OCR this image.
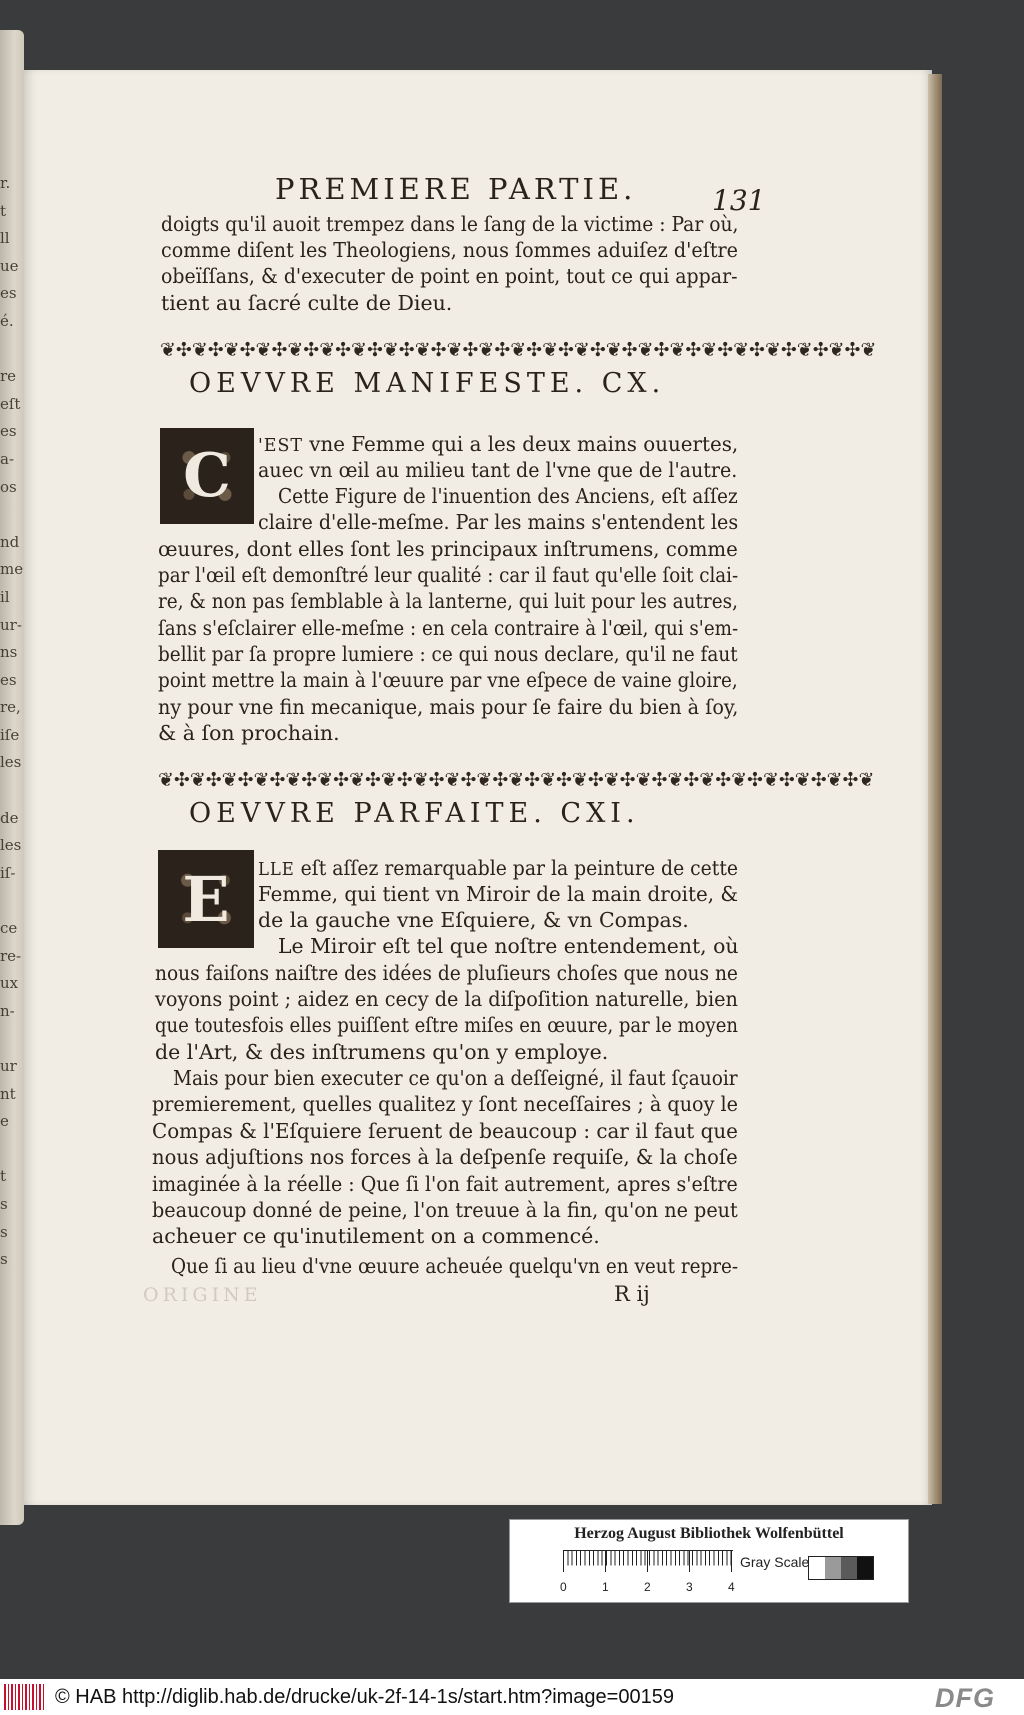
r.
t
ll
ue
es
é.
re
eſt
es
a-
os
nd
me
il
ur-
ns
es
re,
iſe
les
de
les
iſ-
ce
re-
ux
n-
ur
nt
e
t
s
s
s
PREMIERE PARTIE.	131
doigts qu'il auoit trempez dans le ſang de la victime : Par où,
comme diſent les Theologiens, nous ſommes aduiſez d'eſtre
obeïſſans, & d'executer de point en point, tout ce qui appar-
tient au ſacré culte de Dieu.
❦✣❦✣❦✣❦✣❦✣❦✣❦✣❦✣❦✣❦✣❦✣❦✣❦✣❦✣❦✣❦✣❦✣❦✣❦✣❦✣❦✣❦✣❦
OEVVRE MANIFESTE. CX.
C	'EST vne Femme qui a les deux mains ouuertes,
auec vn œil au milieu tant de l'vne que de l'autre.
Cette Figure de l'inuention des Anciens, eſt aſſez
claire d'elle-meſme. Par les mains s'entendent les
œuures, dont elles ſont les principaux inſtrumens, comme
par l'œil eſt demonſtré leur qualité : car il faut qu'elle ſoit clai-
re, & non pas ſemblable à la lanterne, qui luit pour les autres,
ſans s'eſclairer elle-meſme : en cela contraire à l'œil, qui s'em-
bellit par ſa propre lumiere : ce qui nous declare, qu'il ne faut
point mettre la main à l'œuure par vne eſpece de vaine gloire,
ny pour vne fin mecanique, mais pour ſe faire du bien à ſoy,
& à ſon prochain.
❦✣❦✣❦✣❦✣❦✣❦✣❦✣❦✣❦✣❦✣❦✣❦✣❦✣❦✣❦✣❦✣❦✣❦✣❦✣❦✣❦✣❦✣❦
OEVVRE PARFAITE. CXI.
E	LLE eſt aſſez remarquable par la peinture de cette
Femme, qui tient vn Miroir de la main droite, &
de la gauche vne Eſquiere, & vn Compas.
Le Miroir eſt tel que noſtre entendement, où
nous faiſons naiſtre des idées de pluſieurs choſes que nous ne
voyons point ; aidez en cecy de la diſpoſition naturelle, bien
que toutesfois elles puiſſent eſtre miſes en œuure, par le moyen
de l'Art, & des inſtrumens qu'on y employe.
Mais pour bien executer ce qu'on a deſſeigné, il faut ſçauoir
premierement, quelles qualitez y ſont neceſſaires ; à quoy le
Compas & l'Eſquiere ſeruent de beaucoup : car il faut que
nous adjuſtions nos forces à la deſpenſe requiſe, & la choſe
imaginée à la réelle : Que ſi l'on fait autrement, apres s'eſtre
beaucoup donné de peine, l'on treuue à la fin, qu'on ne peut
acheuer ce qu'inutilement on a commencé.
Que ſi au lieu d'vne œuure acheuée quelqu'vn en veut repre-
ORIGINE	R ij
Herzog August Bibliothek Wolfenbüttel
0	1	2	3	4
Gray Scale
© HAB http://diglib.hab.de/drucke/uk-2f-14-1s/start.htm?image=00159	DFG
